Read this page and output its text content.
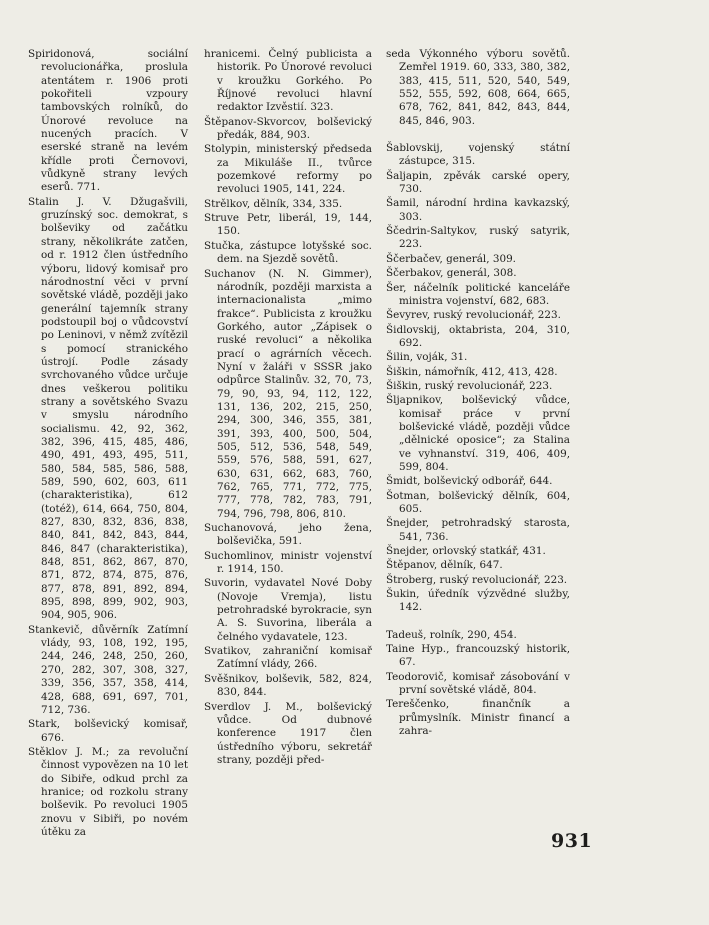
Spiridonová, sociální revolucionářka, proslula atentátem r. 1906 proti pokořiteli vzpoury tambovských rolníků, do Únorové revoluce na nucených pracích. V eserské straně na levém křídle proti Černovovi, vůdkyně strany levých eserů. 771.

Stalin J. V. Džugašvili, gruzínský soc. demokrat, s bolševiky od začátku strany, několikráte zatčen, od r. 1912 člen ústředního výboru, lidový komisař pro národnostní věci v první sovětské vládě, později jako generální tajemník strany podstoupil boj o vůdcovství po Leninovi, v němž zvítězil s pomocí stranického ústrojí. Podle zásady svrchovaného vůdce určuje dnes veškerou politiku strany a sovětského Svazu v smyslu národního socialismu. 42, 92, 362, 382, 396, 415, 485, 486, 490, 491, 493, 495, 511, 580, 584, 585, 586, 588, 589, 590, 602, 603, 611 (charakteristika), 612 (totéž), 614, 664, 750, 804, 827, 830, 832, 836, 838, 840, 841, 842, 843, 844, 846, 847 (charakteristika), 848, 851, 862, 867, 870, 871, 872, 874, 875, 876, 877, 878, 891, 892, 894, 895, 898, 899, 902, 903, 904, 905, 906.

Stankevič, důvěrník Zatímní vlády, 93, 108, 192, 195, 244, 246, 248, 250, 260, 270, 282, 307, 308, 327, 339, 356, 357, 358, 414, 428, 688, 691, 697, 701, 712, 736.

Stark, bolševický komisař, 676.

Stěklov J. M.; za revoluční činnost vypovězen na 10 let do Sibiře, odkud prchl za hranice; od rozkolu strany bolševik. Po revoluci 1905 znovu v Sibiři, po novém útěku za

hranicemi. Čelný publicista a historik. Po Únorové revoluci v kroužku Gorkého. Po Říjnové revoluci hlavní redaktor Izvěstií. 323.

Štěpanov-Skvorcov, bolševický předák, 884, 903.

Stolypin, ministerský předseda za Mikuláše II., tvůrce pozemkové reformy po revoluci 1905, 141, 224.

Strělkov, dělník, 334, 335.

Struve Petr, liberál, 19, 144, 150.

Stučka, zástupce lotyšské soc. dem. na Sjezdě sovětů.

Suchanov (N. N. Gimmer), národník, později marxista a internacionalista „mimo frakce“. Publicista z kroužku Gorkého, autor „Zápisek o ruské revoluci“ a několika prací o agrárních věcech. Nyní v žaláři v SSSR jako odpůrce Stalinův. 32, 70, 73, 79, 90, 93, 94, 112, 122, 131, 136, 202, 215, 250, 294, 300, 346, 355, 381, 391, 393, 400, 500, 504, 505, 512, 536, 548, 549, 559, 576, 588, 591, 627, 630, 631, 662, 683, 760, 762, 765, 771, 772, 775, 777, 778, 782, 783, 791, 794, 796, 798, 806, 810.

Suchanovová, jeho žena, bolševička, 591.

Suchomlinov, ministr vojenství r. 1914, 150.

Suvorin, vydavatel Nové Doby (Novoje Vremja), listu petrohradské byrokracie, syn A. S. Suvorina, liberála a čelného vydavatele, 123.

Svatikov, zahraniční komisař Zatímní vlády, 266.

Svěšnikov, bolševik, 582, 824, 830, 844.

Sverdlov J. M., bolševický vůdce. Od dubnové konference 1917 člen ústředního výboru, sekretář strany, později před-

seda Výkonného výboru sovětů. Zemřel 1919. 60, 333, 380, 382, 383, 415, 511, 520, 540, 549, 552, 555, 592, 608, 664, 665, 678, 762, 841, 842, 843, 844, 845, 846, 903.

Šablovskij, vojenský státní zástupce, 315.

Šaljapin, zpěvák carské opery, 730.

Šamil, národní hrdina kavkazský, 303.

Ščedrin-Saltykov, ruský satyrik, 223.

Ščerbačev, generál, 309.

Ščerbakov, generál, 308.

Šer, náčelník politické kanceláře ministra vojenství, 682, 683.

Ševyrev, ruský revolucionář, 223.

Šidlovskij, oktabrista, 204, 310, 692.

Šilin, voják, 31.

Šiškin, námořník, 412, 413, 428.

Šiškin, ruský revolucionář, 223.

Šljapnikov, bolševický vůdce, komisař práce v první bolševické vládě, později vůdce „dělnické oposice“; za Stalina ve vyhnanství. 319, 406, 409, 599, 804.

Šmidt, bolševický odborář, 644.

Šotman, bolševický dělník, 604, 605.

Šnejder, petrohradský starosta, 541, 736.

Šnejder, orlovský statkář, 431.

Štěpanov, dělník, 647.

Štroberg, ruský revolucionář, 223.

Šukin, úředník výzvědné služby, 142.

Tadeuš, rolník, 290, 454.

Taine Hyp., francouzský historik, 67.

Teodorovič, komisař zásobování v první sovětské vládě, 804.

Tereščenko, finančník a průmyslník. Ministr financí a zahra-

931
